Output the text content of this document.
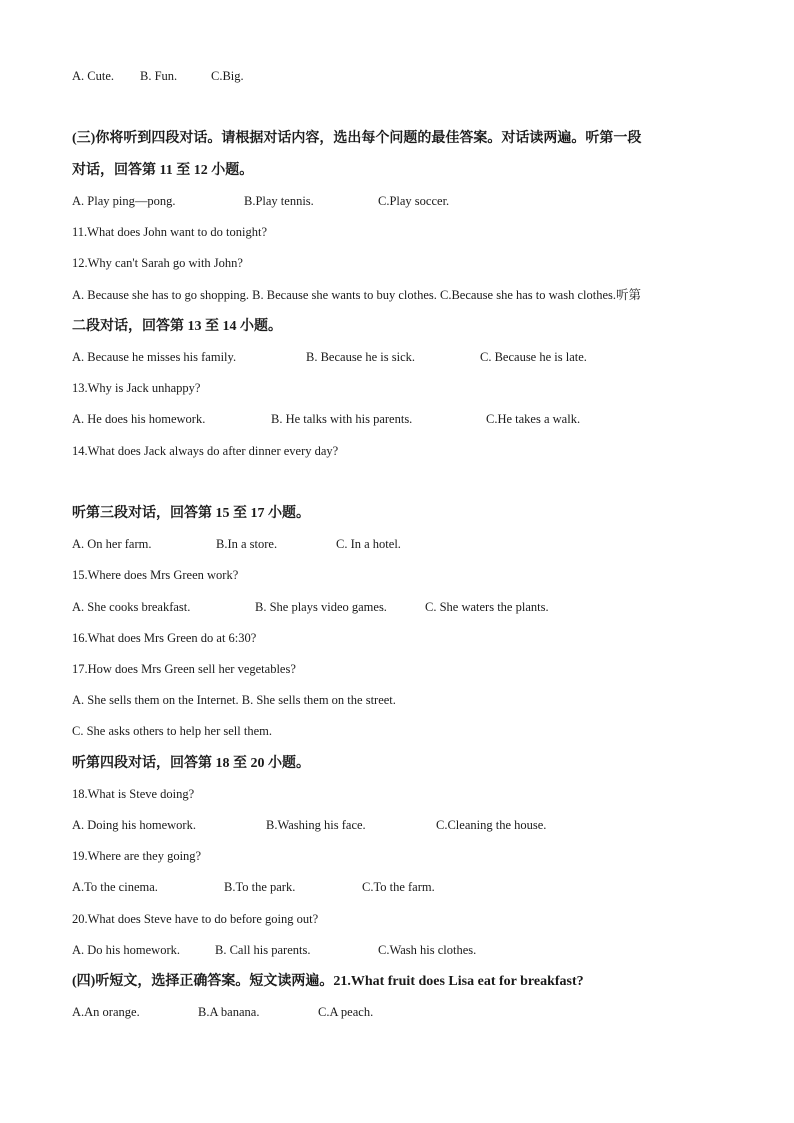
A. Cute. B. Fun.	C.Big.
(三)你将听到四段对话。请根据对话内容，选出每个问题的最佳答案。对话读两遍。听第一段
对话，回答第 11 至 12 小题。
A. Play ping—pong.	B.Play tennis.	C.Play soccer.
11.What does John want to do tonight?
12.Why can't Sarah go with John?
A. Because she has to go shopping. B. Because she wants to buy clothes. C.Because she has to wash clothes.听第
二段对话，回答第 13 至 14 小题。
A. Because he misses his family.	B. Because he is sick.	C. Because he is late.
13.Why is Jack unhappy?
A. He does his homework.	B. He talks with his parents.	C.He takes a walk.
14.What does Jack always do after dinner every day?
听第三段对话，回答第 15 至 17 小题。
A. On her farm.	B.In a store.	C. In a hotel.
15.Where does Mrs Green work?
A. She cooks breakfast.	B. She plays video games.	C. She waters the plants.
16.What does Mrs Green do at 6:30?
17.How does Mrs Green sell her vegetables?
A. She sells them on the Internet. B. She sells them on the street.
C. She asks others to help her sell them.
听第四段对话，回答第 18 至 20 小题。
18.What is Steve doing?
A. Doing his homework.	B.Washing his face.	C.Cleaning the house.
19.Where are they going?
A.To the cinema.	B.To the park.	C.To the farm.
20.What does Steve have to do before going out?
A. Do his homework.	B. Call his parents.	C.Wash his clothes.
(四)听短文，选择正确答案。短文读两遍。21.What fruit does Lisa eat for breakfast?
A.An orange.	B.A banana.	C.A peach.
